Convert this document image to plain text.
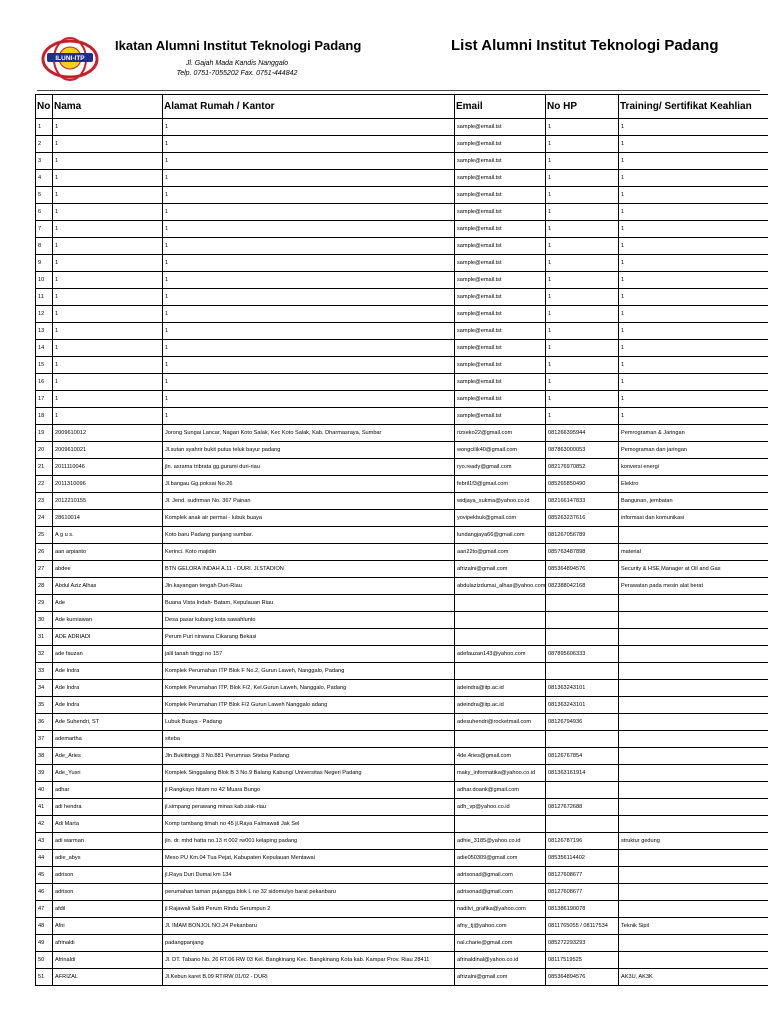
ILUNI-ITP
Ikatan Alumni Institut Teknologi Padang	List Alumni Institut Teknologi Padang
Jl. Gajah Mada Kandis Nanggalo
Telp. 0751-7055202 Fax. 0751-444842
No	Nama	Alamat Rumah / Kantor	Email	No HP	Training/ Sertifikat Keahlian
1	1	1	sample@email.tst	1	1
2	1	1	sample@email.tst	1	1
3	1	1	sample@email.tst	1	1
4	1	1	sample@email.tst	1	1
5	1	1	sample@email.tst	1	1
6	1	1	sample@email.tst	1	1
7	1	1	sample@email.tst	1	1
8	1	1	sample@email.tst	1	1
9	1	1	sample@email.tst	1	1
10	1	1	sample@email.tst	1	1
11	1	1	sample@email.tst	1	1
12	1	1	sample@email.tst	1	1
13	1	1	sample@email.tst	1	1
14	1	1	sample@email.tst	1	1
15	1	1	sample@email.tst	1	1
16	1	1	sample@email.tst	1	1
17	1	1	sample@email.tst	1	1
18	1	1	sample@email.tst	1	1
19	2009610012	Jorong Sungai Lancar, Nagari Koto Salak, Kec Koto Salak, Kab. Dharmasraya, Sumbar	rizseko22@gmail.com	081266395944	Pemrograman & Jaringan
20	2009610021	Jl.sutan syahrir bukit putus teluk bayur padang	wongcilik40@gmail.com	087863000053	Pemograman dan jaringan
21	2011110046	jln. asrama tribrata gg.gurami duri-riau	ryo.ready@gmail.com	082176970852	konversi energi
22	2011310096	Jl.bangau Gg.poksai No.26	febril1f3@gmail.com	085265850490	Elektro
23	2012210155	Jl. Jend. sudirman No. 367 Painan	widjaya_sukma@yahoo.co.id	082166147833	Bangunan, jembatan
24	28610014	Komplek anak air permai - lubuk buaya	yovipekbuk@gmail.com	085263237616	informasi dan komunikasi
25	A g u s.	Koto baru Padang panjang sumbar.	lundangjaya66@gmail.com	081267056789	
26	aan arpianto	Kerinci. Koto majidin	aan22to@gmail.com	085763487898	material
27	abdee	BTN GELORA INDAH A.11 - DURI. Jl.STADION	afrizalni@gmail.com	085364894576	Security & HSE Manager at Oil and Gas
28	Abdul Aziz Alhas	Jln.kayangan tengah Duri-Riau	abdulazizdumai_alhas@yahoo.com	082388042168	Perawatan pada mesin alat berat
29	Ade	Buana Vista Indah- Batam, Kepulauan Riau			
30	Ade kurniawan	Desa pasar kubang kota sawahlunto			
31	ADE ADRIADI	Perum Puri nirwana Cikarang Bekasi			
32	ade fauzan	jalil tanah tinggi no 157	adefauzan143@yahoo.com	087895606333	
33	Ade Indra	Komplek Perumahan ITP Blok F No.2, Gurun Laweh, Nanggalo, Padang			
34	Ade Indra	Komplek Perumahan ITP, Blok F/2, Kel.Gurun Laweh, Nanggalo, Padang	adeindra@itp.ac.id	081363243101	
35	Ade Indra	Komplek Perumahan ITP Blok F/2 Gurun Laweh Nanggalo adang	adeindra@itp.ac.id	081363243101	
36	Ade Suhendri, ST	Lubuk Buaya - Padang	adesuhendri@rocketmail.com	08126794936	
37	ademartha	siteba			
38	Ade_Aries	Jln.Bukittinggi 3 No.881 Perumnas Siteba Padang	4de.4ries@gmail.com	08126767854	
39	Ade_Yusri	Komplek Singgalang Blok B 3 No.9 Balang Kabung/ Universitas Negeri Padang	maky_informatika@yahoo.co.id	081363161914	
40	adhar	jl Rangkayo hitam no 42 Muara Bungo	adhar.doank@gmail.com		
41	adi hendra	jl.simpang perawang minas kab.siak-riau	adh_vp@yahoo.co.id	08127672688	
42	Adi Marta	Komp tambang timah no 45 jl.Raya Falmawati Jak Sel			
43	adi warman	jln. dr. mhd hatta no.13 rt 002 rw001 kelaping padang	adhie_3185@yahoo.co.id	08126787196	struktur gedung
44	adie_abys	Meso PU Km.04 Tua Pejat, Kabupaten Kepulauan Mentawai	adie050309@gmail.com	085356114402	
45	adrison	jl.Raya Duri Dumai km 134	adrisonad@gmail.com	08127608677	
46	adrison	perumahan taman pujangga blok L no 32 sidomulyo barat pekanbaru	adrisonad@gmail.com	08127608677	
47	afdil	jl Rajawali Sakti Perum Rindu Serumpun 2	nadilvi_grafika@yahoo.com	081386190078	
48	Afni	Jl. IMAM BONJOL NO.24 Pekanbaru	afny_tj@yahoo.com	0811765055 / 08117534	Teknik Sipil
49	afrinaldi	padangpanjang	nal.charie@gmail.com	085272293293	
50	Afrinaldi	Jl. DT. Tabano No. 26 RT.06 RW 03 Kel. Bangkinang Kec. Bangkinang Kota kab. Kampar Prov. Riau 28411	afrinaldinal@yahoo.co.id	08117519525	
51	AFRIZAL	Jl.Kebun karet B.09 RT/RW 01/02 - DURI	afrizalni@gmail.com	085364894576	AK3U, AK3K
